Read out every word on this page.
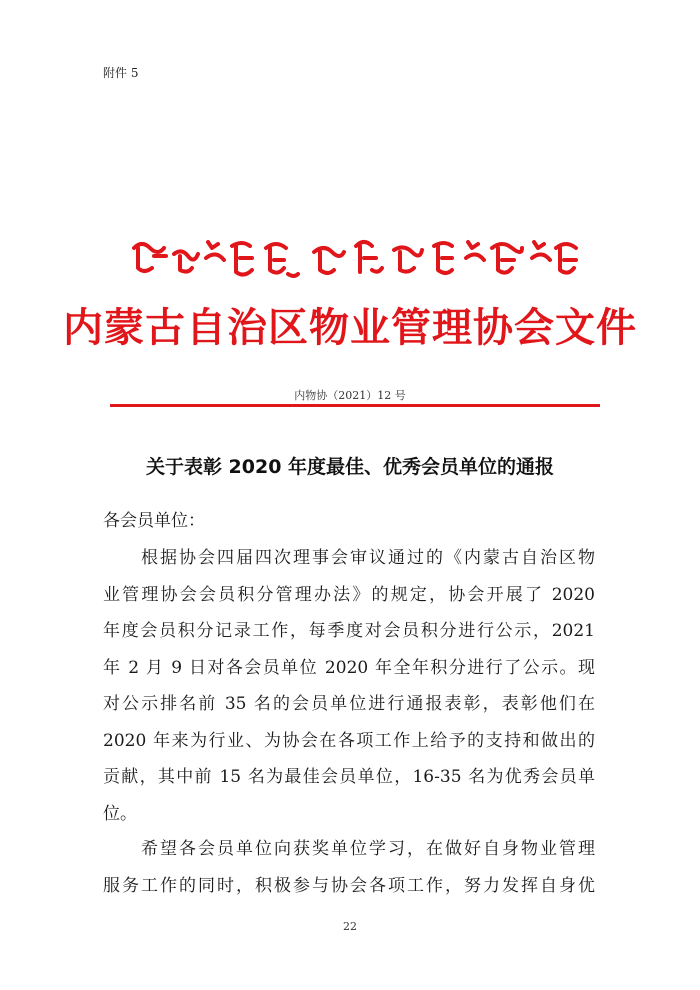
附件 5
内蒙古自治区物业管理协会文件
内物协（2021）12 号
关于表彰 2020 年度最佳、优秀会员单位的通报
各会员单位：
　　根据协会四届四次理事会审议通过的《内蒙古自治区物
业管理协会会员积分管理办法》的规定，协会开展了 2020
年度会员积分记录工作，每季度对会员积分进行公示，2021
年 2 月 9 日对各会员单位 2020 年全年积分进行了公示。现
对公示排名前 35 名的会员单位进行通报表彰，表彰他们在
2020 年来为行业、为协会在各项工作上给予的支持和做出的
贡献，其中前 15 名为最佳会员单位，16-35 名为优秀会员单
位。
　　希望各会员单位向获奖单位学习，在做好自身物业管理
服务工作的同时，积极参与协会各项工作，努力发挥自身优
22
